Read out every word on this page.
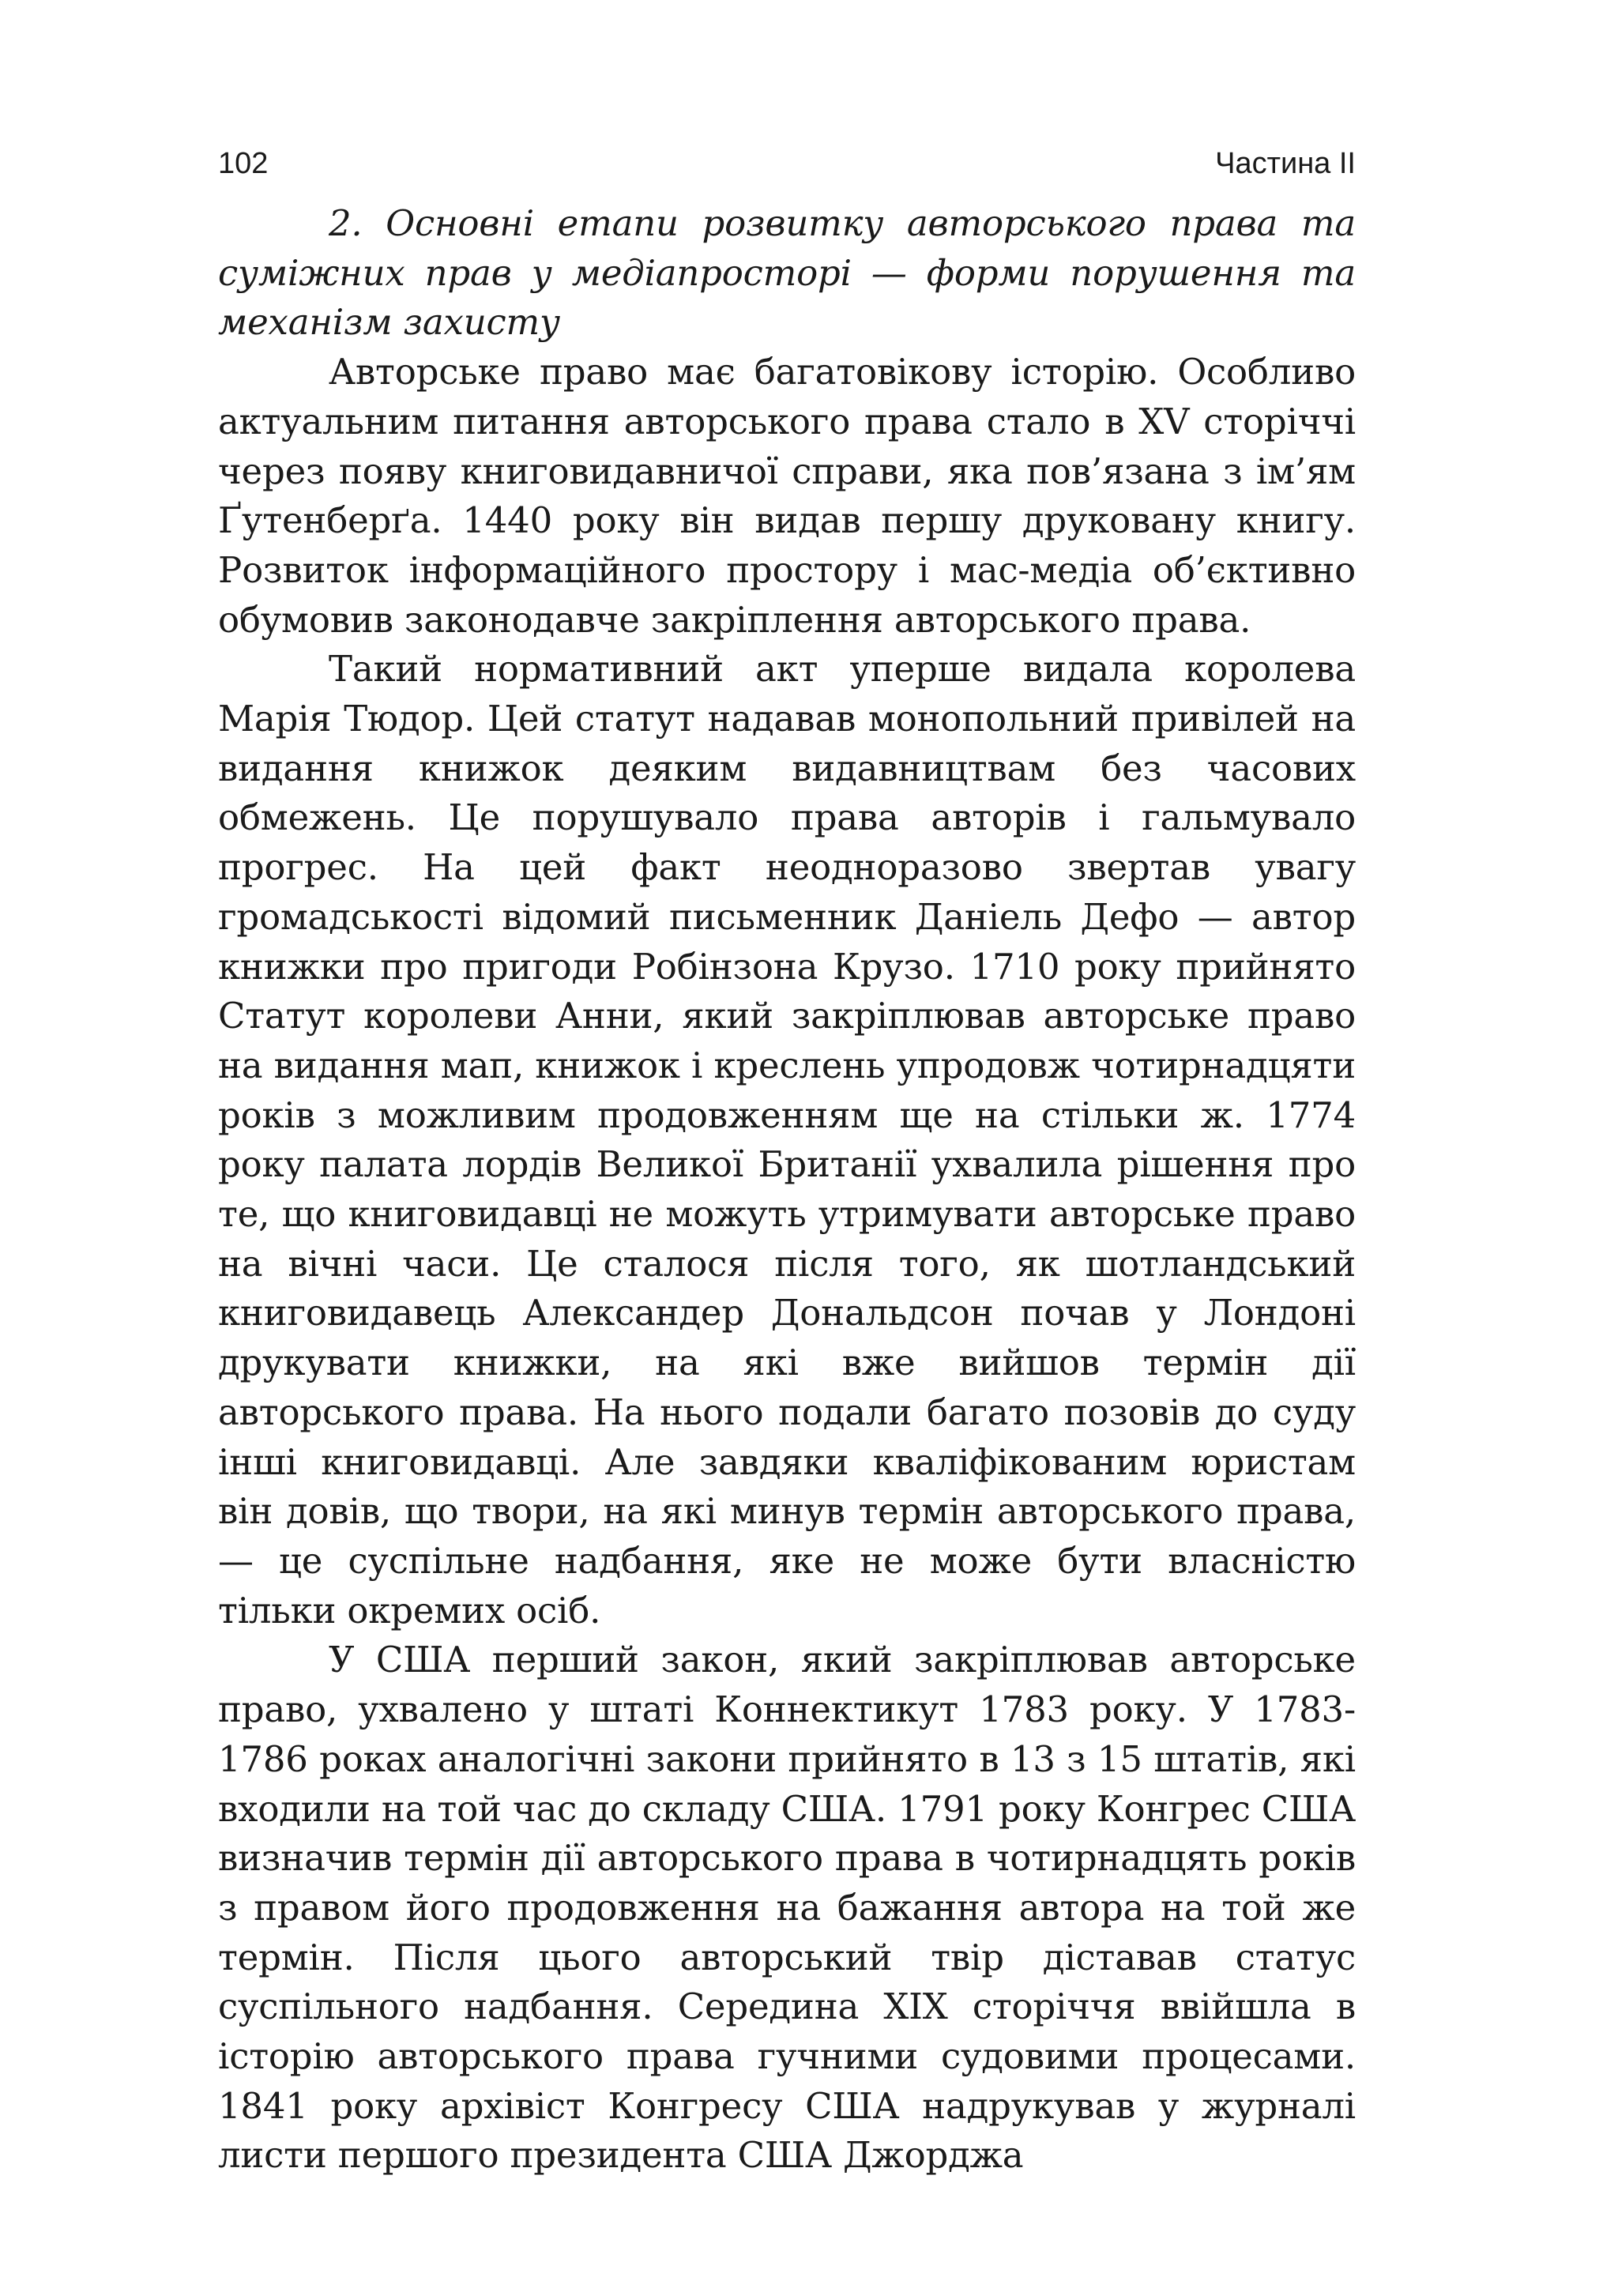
102	Частина ІІ

2. Основні етапи розвитку авторського права та суміжних прав у медіапросторі — форми порушення та механізм захисту

Авторське право має багатовікову історію. Особливо актуальним питання авторського права стало в XV сторіччі через появу книговидавничої справи, яка пов’язана з ім’ям Ґутенберґа. 1440 року він видав першу друковану книгу. Розвиток інформаційного простору і мас-медіа об’єктивно обумовив законодавче закріплення авторського права.

Такий нормативний акт уперше видала королева Марія Тюдор. Цей статут надавав монопольний привілей на видання книжок деяким видавництвам без часових обмежень. Це порушувало права авторів і гальмувало прогрес. На цей факт неодноразово звертав увагу громадськості відомий письменник Даніель Дефо — автор книжки про пригоди Робінзона Крузо. 1710 року прийнято Статут королеви Анни, який закріплював авторське право на видання мап, книжок і креслень упродовж чотирнадцяти років з можливим продовженням ще на стільки ж. 1774 року палата лордів Великої Британії ухвалила рішення про те, що книговидавці не можуть утримувати авторське право на вічні часи. Це сталося після того, як шотландський книговидавець Александер Дональдсон почав у Лондоні друкувати книжки, на які вже вийшов термін дії авторського права. На нього подали багато позовів до суду інші книговидавці. Але завдяки кваліфікованим юристам він довів, що твори, на які минув термін авторського права, — це суспільне надбання, яке не може бути власністю тільки окремих осіб.

У США перший закон, який закріплював авторське право, ухвалено у штаті Коннектикут 1783 року. У 1783-1786 роках аналогічні закони прийнято в 13 з 15 штатів, які входили на той час до складу США. 1791 року Конгрес США визначив термін дії авторського права в чотирнадцять років з правом його продовження на бажання автора на той же термін. Після цього авторський твір діставав статус суспільного надбання. Середина XIX сторіччя ввійшла в історію авторського права гучними судовими процесами. 1841 року архівіст Конгресу США надрукував у журналі листи першого президента США Джорджа
